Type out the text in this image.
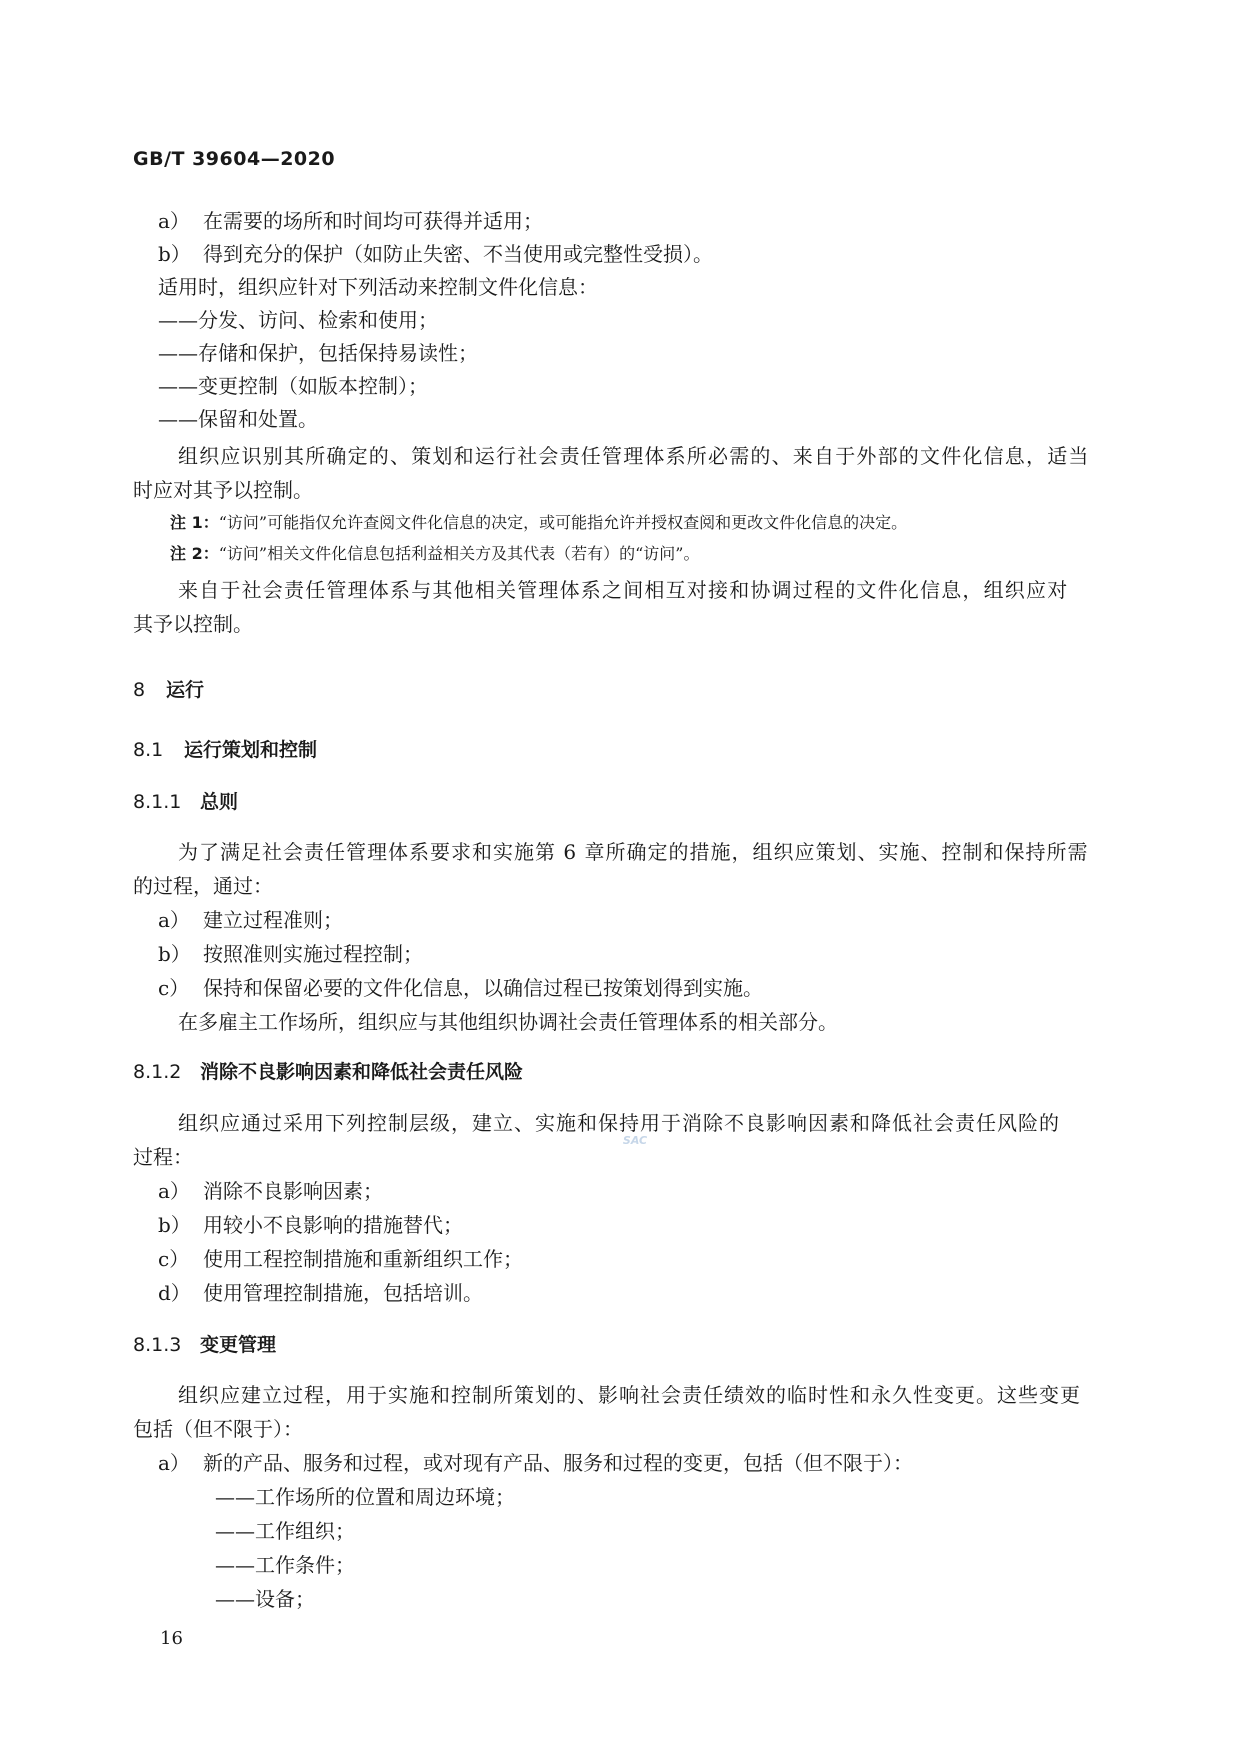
GB/T 39604—2020
a） 在需要的场所和时间均可获得并适用；
b） 得到充分的保护（如防止失密、不当使用或完整性受损）。
适用时，组织应针对下列活动来控制文件化信息：
——分发、访问、检索和使用；
——存储和保护，包括保持易读性；
——变更控制（如版本控制）；
——保留和处置。
组织应识别其所确定的、策划和运行社会责任管理体系所必需的、来自于外部的文件化信息，适当
时应对其予以控制。
注 1：“访问”可能指仅允许查阅文件化信息的决定，或可能指允许并授权查阅和更改文件化信息的决定。
注 2：“访问”相关文件化信息包括利益相关方及其代表（若有）的“访问”。
来自于社会责任管理体系与其他相关管理体系之间相互对接和协调过程的文件化信息，组织应对
其予以控制。
8 运行
8.1 运行策划和控制
8.1.1 总则
为了满足社会责任管理体系要求和实施第 6 章所确定的措施，组织应策划、实施、控制和保持所需
的过程，通过：
a） 建立过程准则；
b） 按照准则实施过程控制；
c） 保持和保留必要的文件化信息，以确信过程已按策划得到实施。
在多雇主工作场所，组织应与其他组织协调社会责任管理体系的相关部分。
8.1.2 消除不良影响因素和降低社会责任风险
组织应通过采用下列控制层级，建立、实施和保持用于消除不良影响因素和降低社会责任风险的
过程：
SAC
a） 消除不良影响因素；
b） 用较小不良影响的措施替代；
c） 使用工程控制措施和重新组织工作；
d） 使用管理控制措施，包括培训。
8.1.3 变更管理
组织应建立过程，用于实施和控制所策划的、影响社会责任绩效的临时性和永久性变更。这些变更
包括（但不限于）：
a） 新的产品、服务和过程，或对现有产品、服务和过程的变更，包括（但不限于）：
——工作场所的位置和周边环境；
——工作组织；
——工作条件；
——设备；
16
